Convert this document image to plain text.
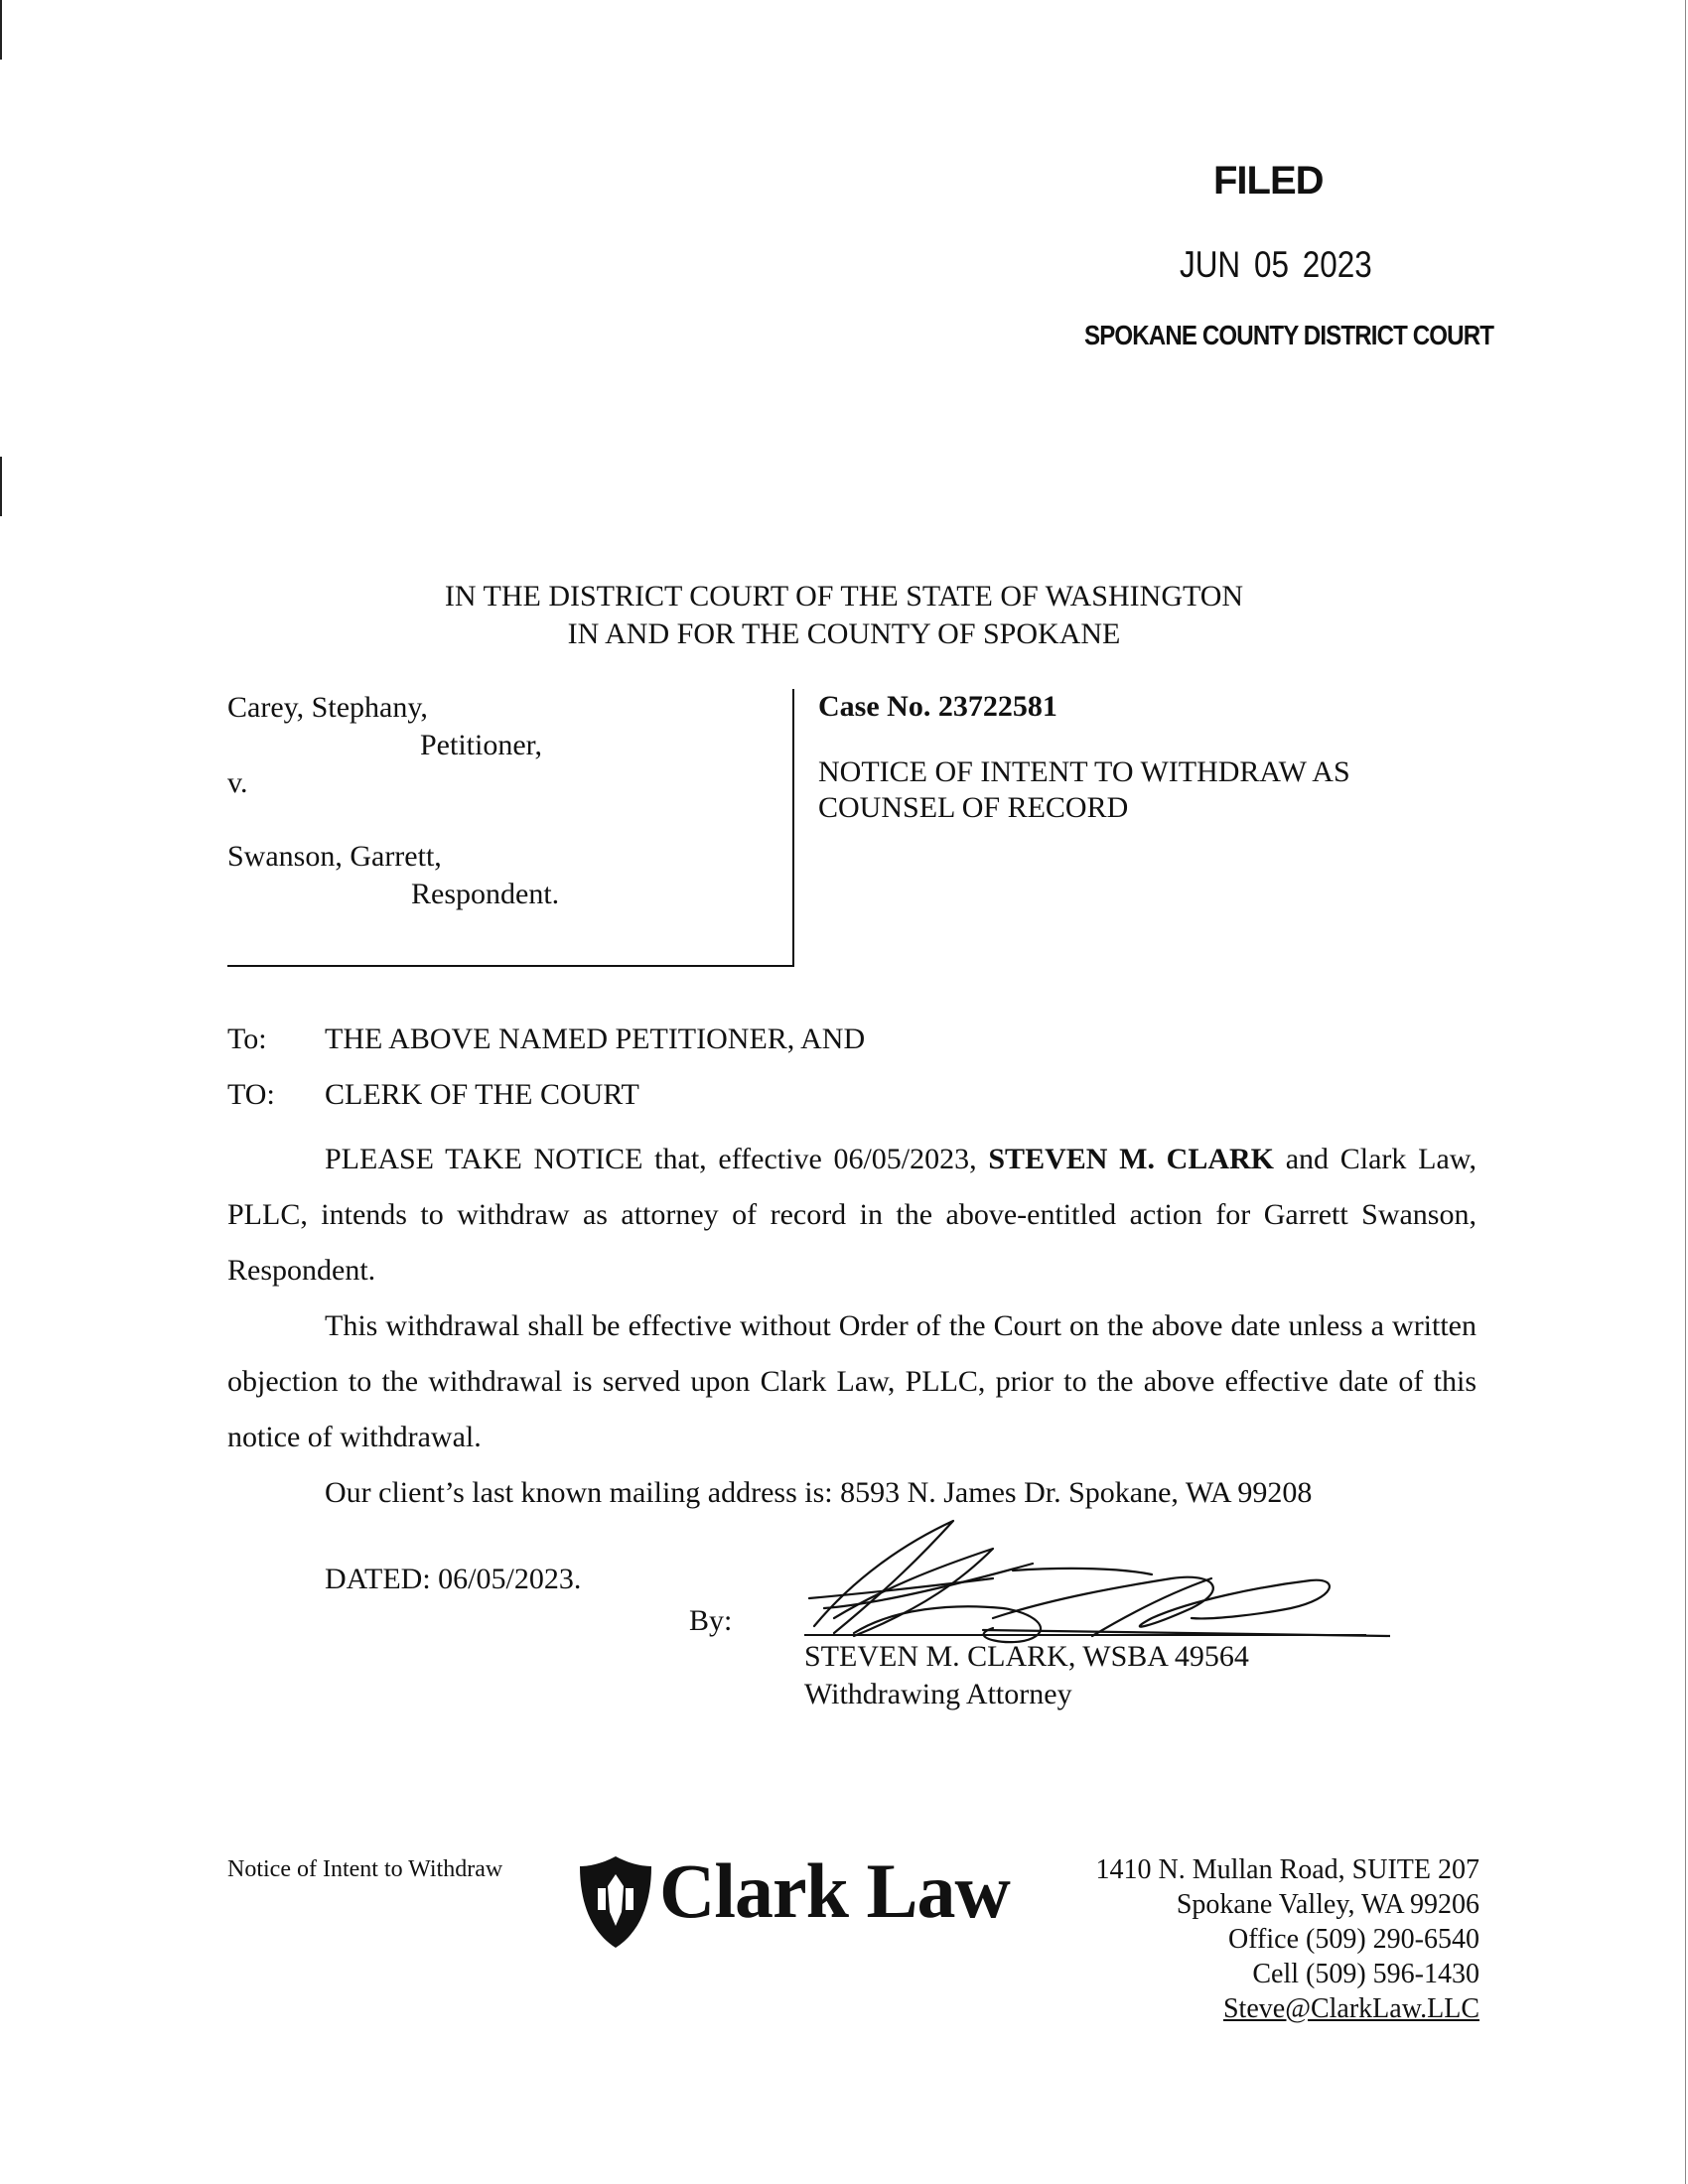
FILED
JUN 05 2023
SPOKANE COUNTY DISTRICT COURT
IN THE DISTRICT COURT OF THE STATE OF WASHINGTON
IN AND FOR THE COUNTY OF SPOKANE
Carey, Stephany,
Petitioner,
v.
Swanson, Garrett,
Respondent.
Case No. 23722581
NOTICE OF INTENT TO WITHDRAW AS
COUNSEL OF RECORD
To: THE ABOVE NAMED PETITIONER, AND
TO: CLERK OF THE COURT

PLEASE TAKE NOTICE that, effective 06/05/2023, STEVEN M. CLARK and Clark Law, PLLC, intends to withdraw as attorney of record in the above-entitled action for Garrett Swanson, Respondent.

This withdrawal shall be effective without Order of the Court on the above date unless a written objection to the withdrawal is served upon Clark Law, PLLC, prior to the above effective date of this notice of withdrawal.

Our client’s last known mailing address is: 8593 N. James Dr. Spokane, WA 99208

DATED: 06/05/2023.
By:
STEVEN M. CLARK, WSBA 49564
Withdrawing Attorney
Notice of Intent to Withdraw Clark Law	1410 N. Mullan Road, SUITE 207
Spokane Valley, WA 99206
Office (509) 290-6540
Cell (509) 596-1430
Steve@ClarkLaw.LLC
